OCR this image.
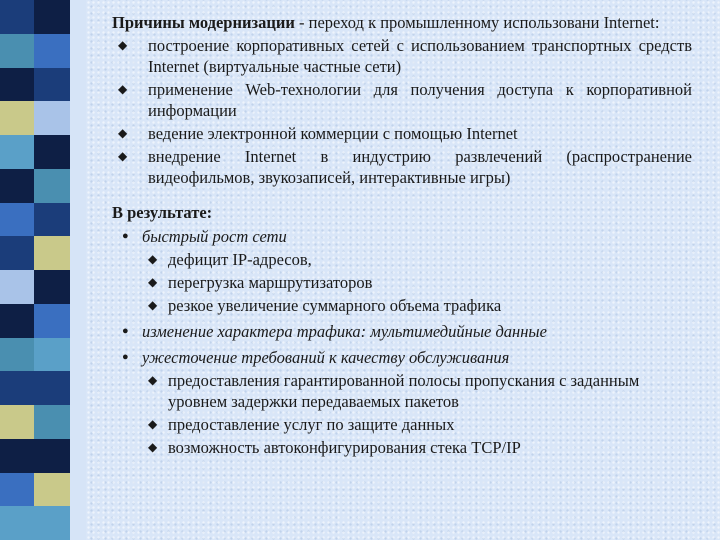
Причины модернизации - переход к промышленному использовани Internet:

◆ построение корпоративных сетей с использованием транспортных средств Internet (виртуальные частные сети)
◆ применение Web-технологии для получения доступа к корпоративной информации
◆ ведение электронной коммерции с помощью Internet
◆ внедрение Internet в индустрию развлечений (распространение видеофильмов, звукозаписей, интерактивные игры)
В результате:
● быстрый рост сети
◆ дефицит IP-адресов,
◆ перегрузка маршрутизаторов
◆ резкое увеличение суммарного объема трафика
● изменение характера трафика: мультимедийные данные
● ужесточение требований к качеству обслуживания
◆ предоставления гарантированной полосы пропускания с заданным уровнем задержки передаваемых пакетов
◆ предоставление услуг по защите данных
◆ возможность автоконфигурирования стека TCP/IP
